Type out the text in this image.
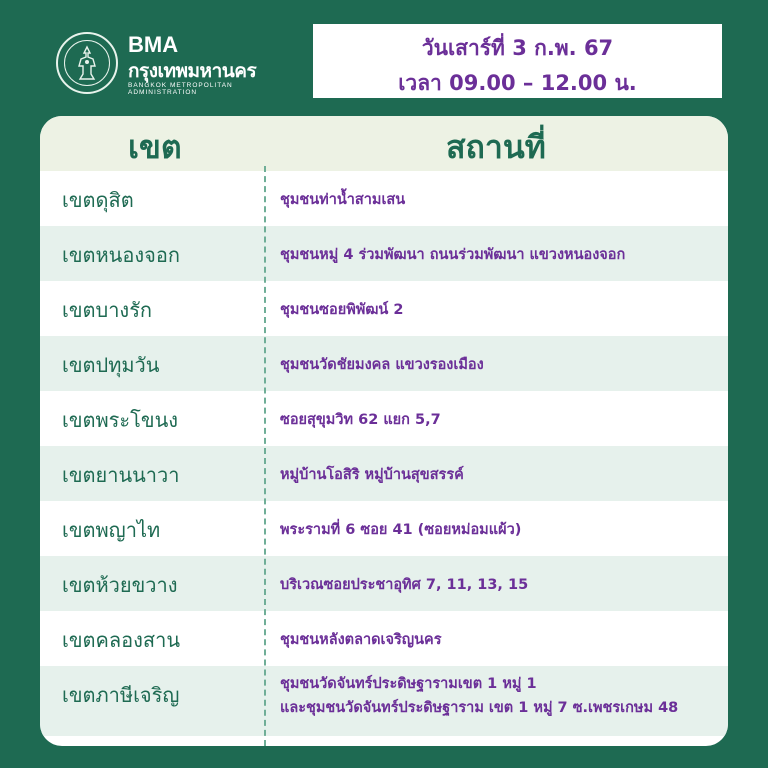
BMA
กรุงเทพมหานคร
BANGKOK METROPOLITAN ADMINISTRATION
วันเสาร์ที่ 3 ก.พ. 67
เวลา 09.00 – 12.00 น.
เขต	สถานที่
เขตดุสิต	ชุมชนท่าน้ำสามเสน
เขตหนองจอก	ชุมชนหมู่ 4 ร่วมพัฒนา ถนนร่วมพัฒนา แขวงหนองจอก
เขตบางรัก	ชุมชนซอยพิพัฒน์ 2
เขตปทุมวัน	ชุมชนวัดชัยมงคล แขวงรองเมือง
เขตพระโขนง	ซอยสุขุมวิท 62 แยก 5,7
เขตยานนาวา	หมู่บ้านโอสิริ หมู่บ้านสุขสรรค์
เขตพญาไท	พระรามที่ 6 ซอย 41 (ซอยหม่อมแผ้ว)
เขตห้วยขวาง	บริเวณซอยประชาอุทิศ 7, 11, 13, 15
เขตคลองสาน	ชุมชนหลังตลาดเจริญนคร
เขตภาษีเจริญ	ชุมชนวัดจันทร์ประดิษฐารามเขต 1 หมู่ 1
และชุมชนวัดจันทร์ประดิษฐาราม เขต 1 หมู่ 7 ซ.เพชรเกษม 48
